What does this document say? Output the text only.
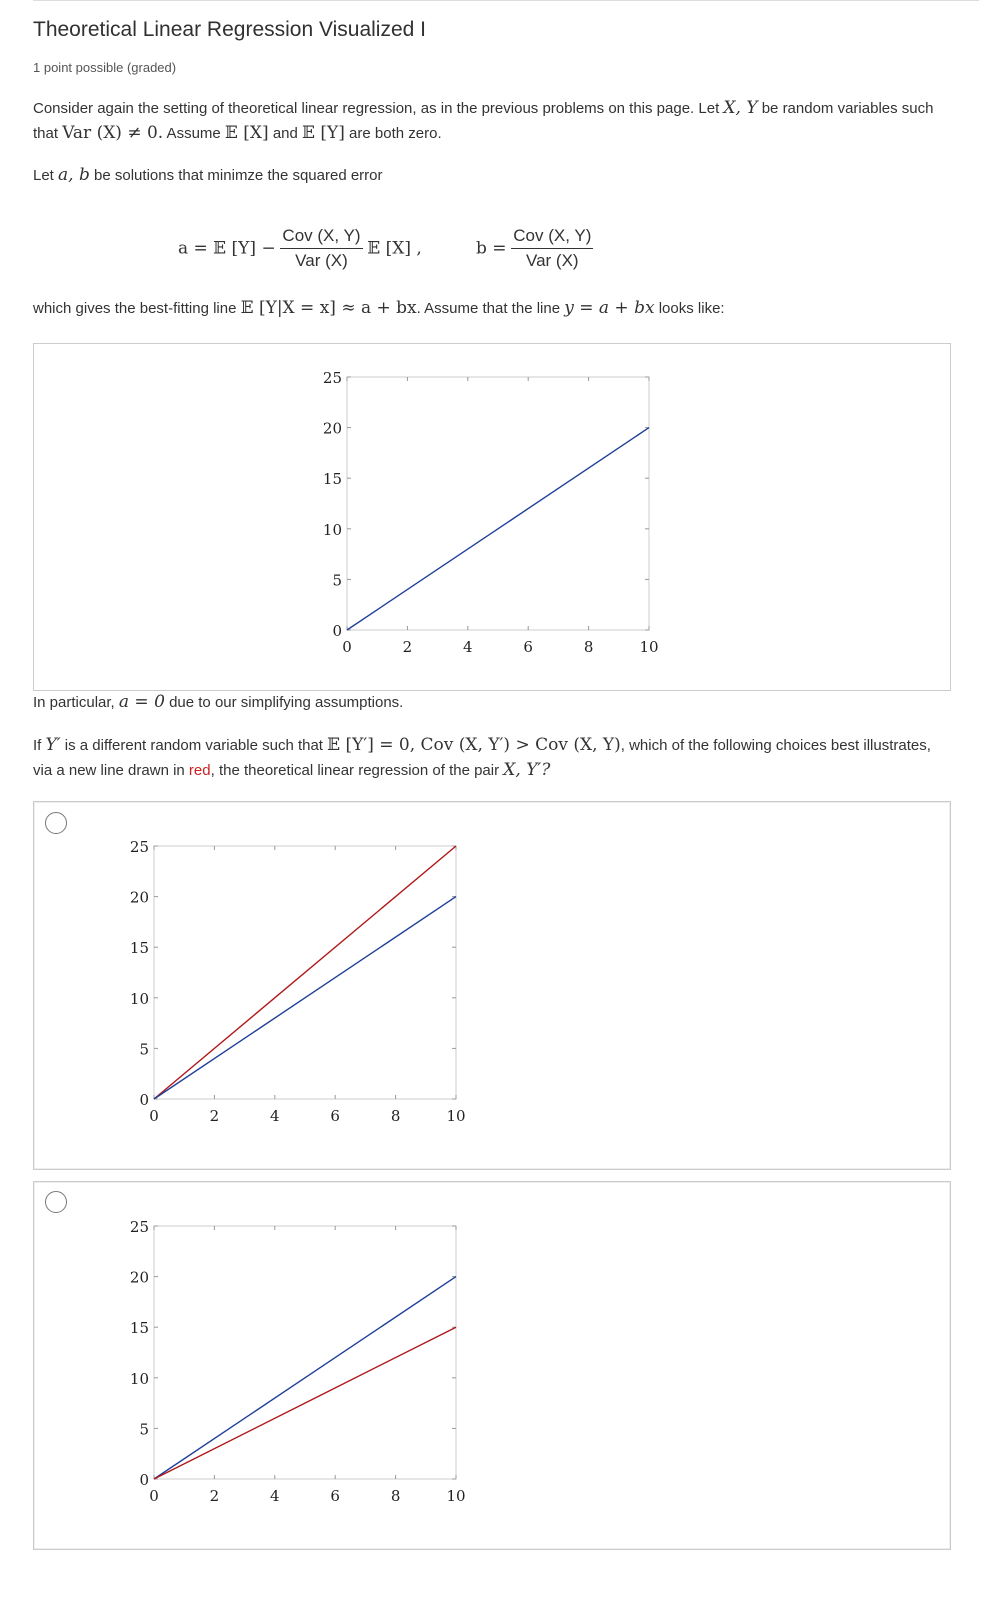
Theoretical Linear Regression Visualized I
1 point possible (graded)
Consider again the setting of theoretical linear regression, as in the previous problems on this page. Let X, Y be random variables such that Var (X) ≠ 0. Assume 𝔼 [X] and 𝔼 [Y] are both zero.
Let a, b be solutions that minimze the squared error
a = 𝔼 $[Y] - \frac{\text{Cov (X, Y)}}{\text{Var (X)}}$ 𝔼 [X] ,	$b = \frac{\text{Cov (X, Y)}}{\text{Var (X)}}$
which gives the best-fitting line 𝔼 [Y|X = x] ≈ a + bx. Assume that the line y = a + bx looks like:
0	2	4	6	8	10
0
5
10
15
20
25
In particular, a = 0 due to our simplifying assumptions.
If Y′ is a different random variable such that 𝔼 [Y′] = 0, Cov (X, Y′) > Cov (X, Y), which of the following choices best illustrates, via a new line drawn in red, the theoretical linear regression of the pair X, Y′?
0	2	4	6	8	10
0
5
10
15
20
25
0	2	4	6	8	10
0
5
10
15
20
25
